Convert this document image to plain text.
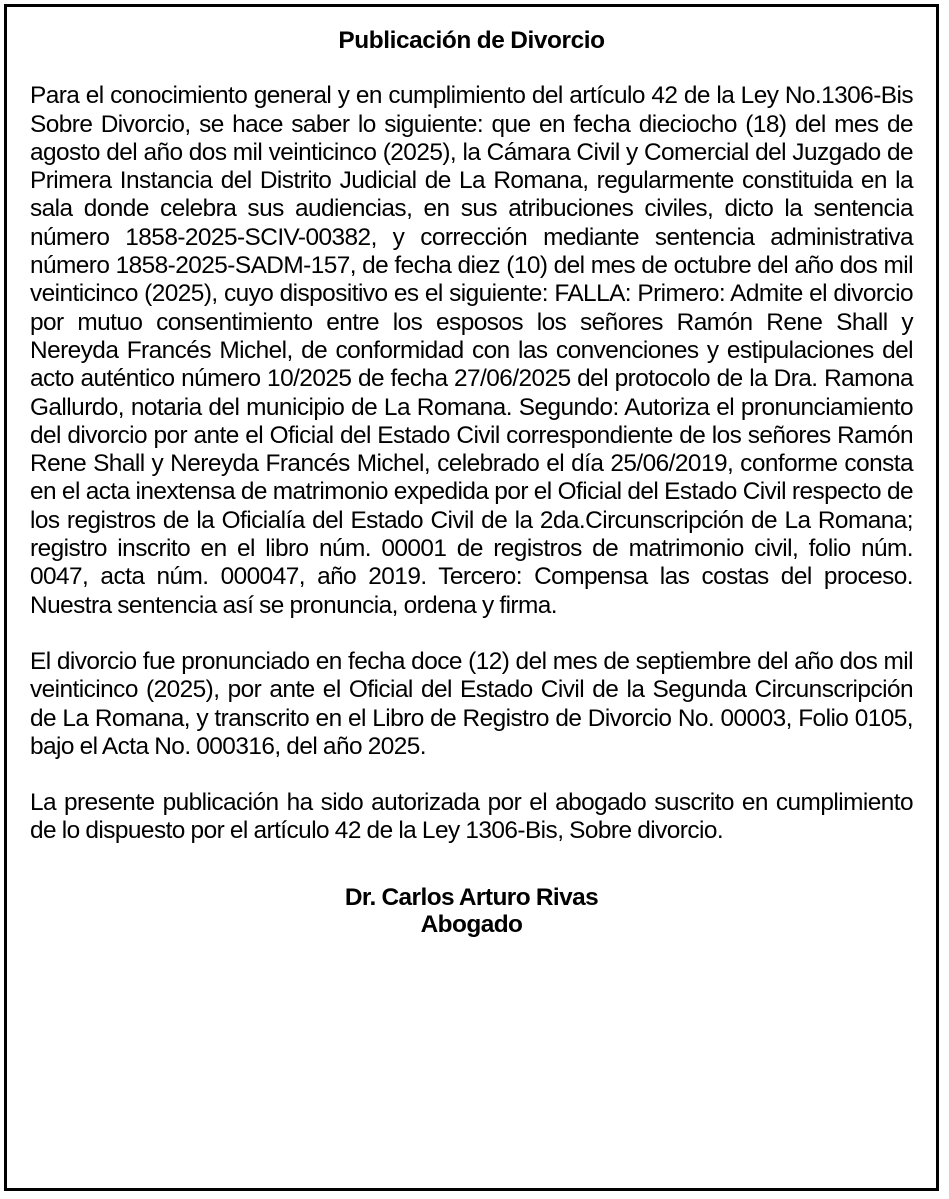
Publicación de Divorcio

Para el conocimiento general y en cumplimiento del artículo 42 de la Ley No.1306-Bis Sobre Divorcio, se hace saber lo siguiente: que en fecha dieciocho (18) del mes de agosto del año dos mil veinticinco (2025), la Cámara Civil y Comercial del Juzgado de Primera Instancia del Distrito Judicial de La Romana, regularmente constituida en la sala donde celebra sus audiencias, en sus atribuciones civiles, dicto la sentencia número 1858-2025-SCIV-00382, y corrección mediante sentencia administrativa número 1858-2025-SADM-157, de fecha diez (10) del mes de octubre del año dos mil veinticinco (2025), cuyo dispositivo es el siguiente: FALLA: Primero: Admite el divorcio por mutuo consentimiento entre los esposos los señores Ramón Rene Shall y Nereyda Francés Michel, de conformidad con las convenciones y estipulaciones del acto auténtico número 10/2025 de fecha 27/06/2025 del protocolo de la Dra. Ramona Gallurdo, notaria del municipio de La Romana. Segundo: Autoriza el pronunciamiento del divorcio por ante el Oficial del Estado Civil correspondiente de los señores Ramón Rene Shall y Nereyda Francés Michel, celebrado el día 25/06/2019, conforme consta en el acta inextensa de matrimonio expedida por el Oficial del Estado Civil respecto de los registros de la Oficialía del Estado Civil de la 2da.Circunscripción de La Romana; registro inscrito en el libro núm. 00001 de registros de matrimonio civil, folio núm. 0047, acta núm. 000047, año 2019. Tercero: Compensa las costas del proceso. Nuestra sentencia así se pronuncia, ordena y firma.

El divorcio fue pronunciado en fecha doce (12) del mes de septiembre del año dos mil veinticinco (2025), por ante el Oficial del Estado Civil de la Segunda Circunscripción de La Romana, y transcrito en el Libro de Registro de Divorcio No. 00003, Folio 0105, bajo el Acta No. 000316, del año 2025.

La presente publicación ha sido autorizada por el abogado suscrito en cumplimiento de lo dispuesto por el artículo 42 de la Ley 1306-Bis, Sobre divorcio.

Dr. Carlos Arturo Rivas
Abogado
